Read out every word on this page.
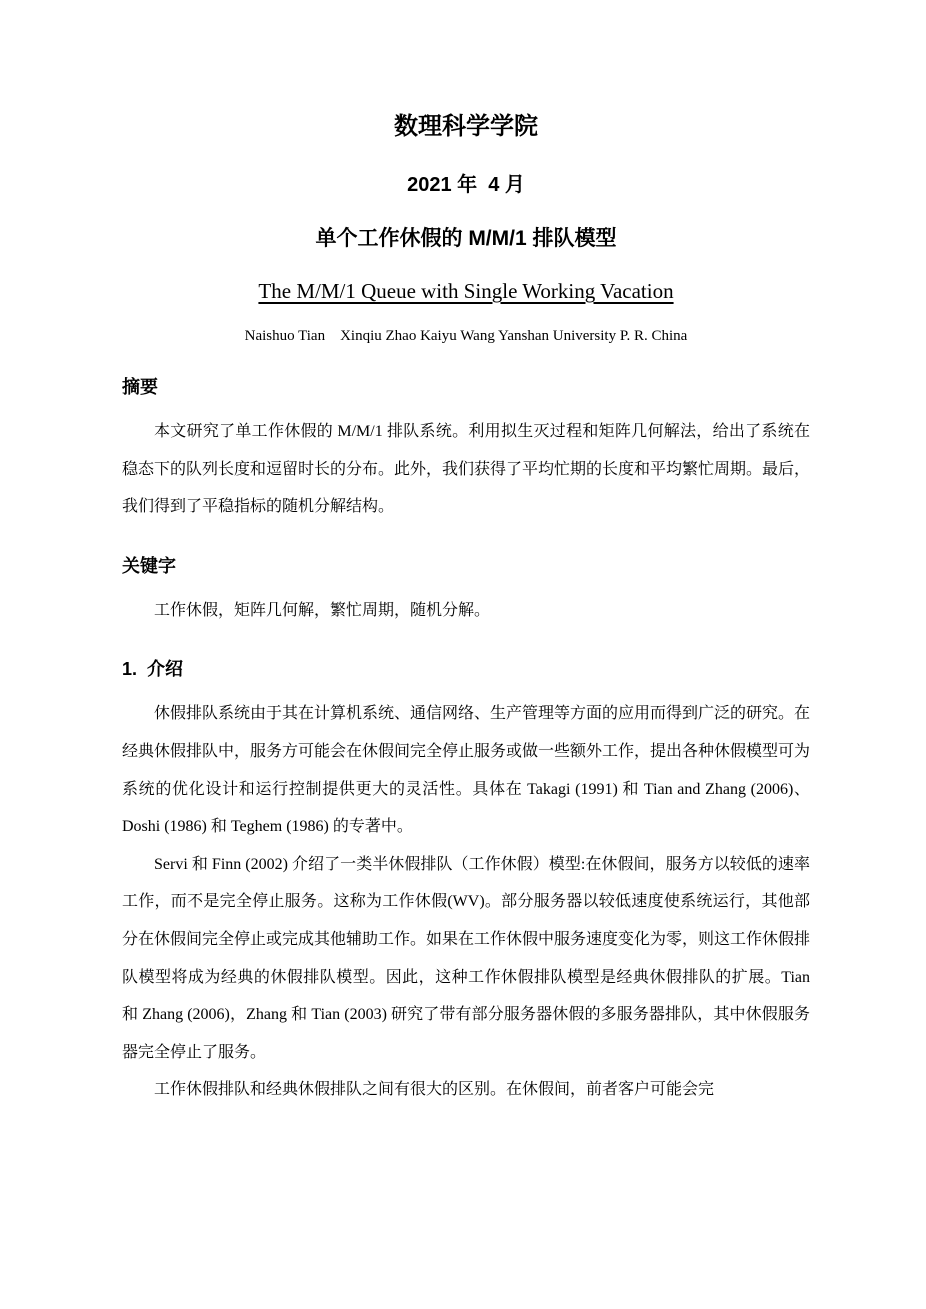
数理科学学院
2021 年  4 月
单个工作休假的 M/M/1 排队模型
The M/M/1 Queue with Single Working Vacation
Naishuo Tian    Xinqiu Zhao Kaiyu Wang Yanshan University P. R. China
摘要

本文研究了单工作休假的 M/M/1 排队系统。利用拟生灭过程和矩阵几何解法，给出了系统在稳态下的队列长度和逗留时长的分布。此外，我们获得了平均忙期的长度和平均繁忙周期。最后，我们得到了平稳指标的随机分解结构。

关键字

工作休假，矩阵几何解，繁忙周期，随机分解。

1.  介绍

休假排队系统由于其在计算机系统、通信网络、生产管理等方面的应用而得到广泛的研究。在经典休假排队中，服务方可能会在休假间完全停止服务或做一些额外工作，提出各种休假模型可为系统的优化设计和运行控制提供更大的灵活性。具体在 Takagi (1991) 和 Tian and Zhang (2006)、Doshi (1986) 和 Teghem (1986) 的专著中。

Servi 和 Finn (2002) 介绍了一类半休假排队（工作休假）模型:在休假间，服务方以较低的速率工作，而不是完全停止服务。这称为工作休假(WV)。部分服务器以较低速度使系统运行，其他部分在休假间完全停止或完成其他辅助工作。如果在工作休假中服务速度变化为零，则这工作休假排队模型将成为经典的休假排队模型。因此，这种工作休假排队模型是经典休假排队的扩展。Tian 和 Zhang (2006)，Zhang 和 Tian (2003) 研究了带有部分服务器休假的多服务器排队，其中休假服务器完全停止了服务。

工作休假排队和经典休假排队之间有很大的区别。在休假间，前者客户可能会完
